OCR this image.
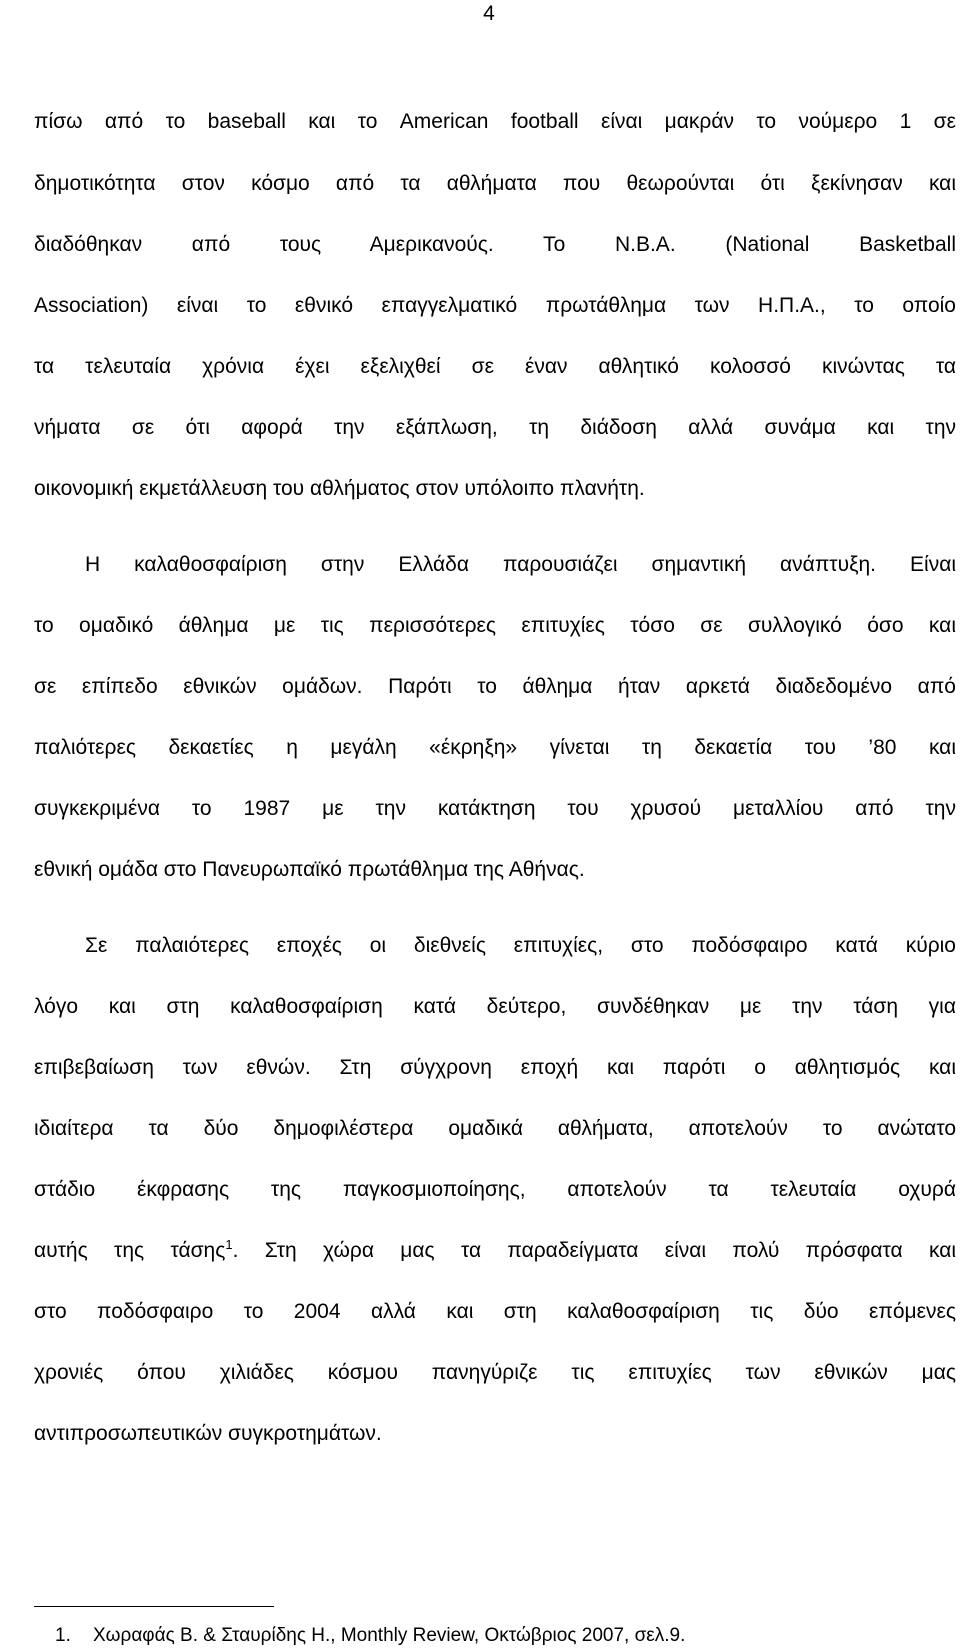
4

πίσω από το baseball και το American football είναι μακράν το νούμερο 1 σε

δημοτικότητα στον κόσμο από τα αθλήματα που θεωρούνται ότι ξεκίνησαν και

διαδόθηκαν από τους Αμερικανούς. Το Ν.Β.Α. (National Basketball

Association) είναι το εθνικό επαγγελματικό πρωτάθλημα των Η.Π.Α., το οποίο

τα τελευταία χρόνια έχει εξελιχθεί σε έναν αθλητικό κολοσσό κινώντας τα

νήματα σε ότι αφορά την εξάπλωση, τη διάδοση αλλά συνάμα και την

οικονομική εκμετάλλευση του αθλήματος στον υπόλοιπο πλανήτη.

Η καλαθοσφαίριση στην Ελλάδα παρουσιάζει σημαντική ανάπτυξη. Είναι

το ομαδικό άθλημα με τις περισσότερες επιτυχίες τόσο σε συλλογικό όσο και

σε επίπεδο εθνικών ομάδων. Παρότι το άθλημα ήταν αρκετά διαδεδομένο από

παλιότερες δεκαετίες η μεγάλη «έκρηξη» γίνεται τη δεκαετία του ’80 και

συγκεκριμένα το 1987 με την κατάκτηση του χρυσού μεταλλίου από την

εθνική ομάδα στο Πανευρωπαϊκό πρωτάθλημα της Αθήνας.

Σε παλαιότερες εποχές οι διεθνείς επιτυχίες, στο ποδόσφαιρο κατά κύριο

λόγο και στη καλαθοσφαίριση κατά δεύτερο, συνδέθηκαν με την τάση για

επιβεβαίωση των εθνών. Στη σύγχρονη εποχή και παρότι ο αθλητισμός και

ιδιαίτερα τα δύο δημοφιλέστερα ομαδικά αθλήματα, αποτελούν το ανώτατο

στάδιο έκφρασης της παγκοσμιοποίησης, αποτελούν τα τελευταία οχυρά

αυτής της τάσης$^1$. Στη χώρα μας τα παραδείγματα είναι πολύ πρόσφατα και

στο ποδόσφαιρο το 2004 αλλά και στη καλαθοσφαίριση τις δύο επόμενες

χρονιές όπου χιλιάδες κόσμου πανηγύριζε τις επιτυχίες των εθνικών μας

αντιπροσωπευτικών συγκροτημάτων.

1. Χωραφάς Β. & Σταυρίδης Η., Monthly Review, Οκτώβριος 2007, σελ.9.
